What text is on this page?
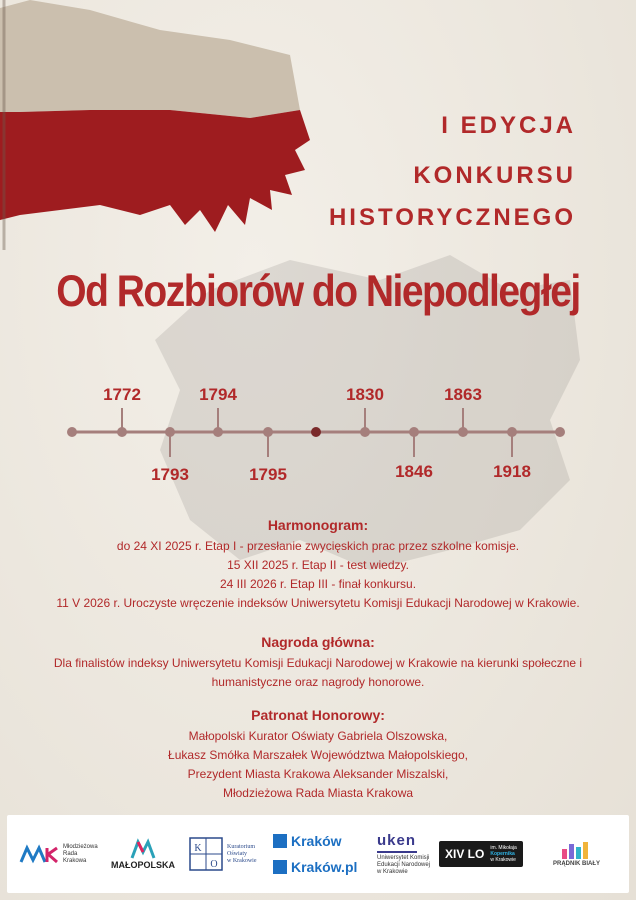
I EDYCJA
KONKURSU
HISTORYCZNEGO
Od Rozbiorów do Niepodległej
1772	1794	1830	1863
1793	1795	1846	1918
Harmonogram:
do 24 XI 2025 r. Etap I - przesłanie zwycięskich prac przez szkolne komisje.
15 XII 2025 r. Etap II - test wiedzy.
24 III 2026 r. Etap III - finał konkursu.
11 V 2026 r. Uroczyste wręczenie indeksów Uniwersytetu Komisji Edukacji Narodowej w Krakowie.
Nagroda główna:
Dla finalistów indeksy Uniwersytetu Komisji Edukacji Narodowej w Krakowie na kierunki społeczne i
humanistyczne oraz nagrody honorowe.
Patronat Honorowy:
Małopolski Kurator Oświaty Gabriela Olszowska,
Łukasz Smółka Marszałek Województwa Małopolskiego,
Prezydent Miasta Krakowa Aleksander Miszalski,
Młodzieżowa Rada Miasta Krakowa
Młodzieżowa
Rada
Krakowa	MAŁOPOLSKA
K
O
Kuratorium
Oświaty
w Krakowie
Kraków
Kraków.pl
uken
Uniwersytet Komisji
Edukacji Narodowej
w Krakowie
XIV LO im. Mikołaja
Kopernika
w Krakowie
PRĄDNIK BIAŁY
